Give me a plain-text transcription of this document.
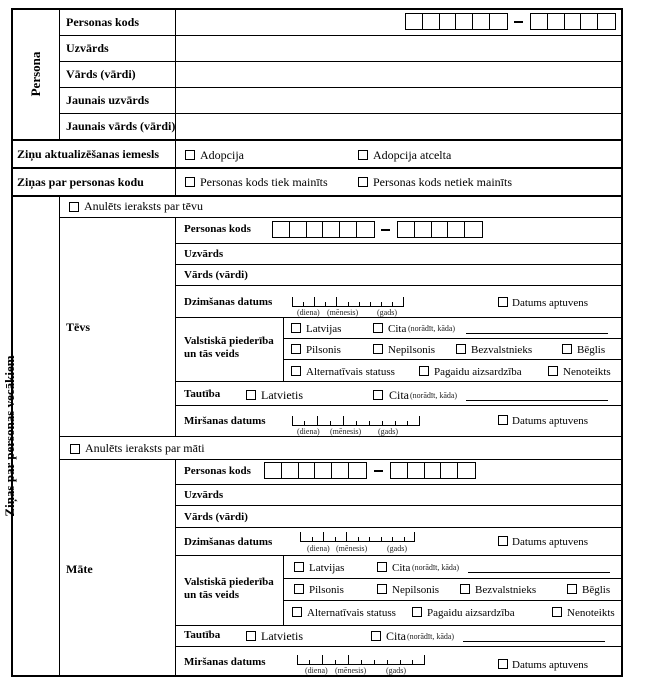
Persona
Personas kods
Uzvārds
Vārds (vārdi)
Jaunais uzvārds
Jaunais vārds (vārdi)
Ziņu aktualizēšanas iemesls	Adopcija	Adopcija atcelta
Ziņas par personas kodu	Personas kods tiek mainīts	Personas kods netiek mainīts
Ziņas par personas vecākiem
Anulēts ieraksts par tēvu
Tēvs
Personas kods
Uzvārds
Vārds (vārdi)
Dzimšanas datums
(diena) (mēnesis) (gads)
Datums aptuvens
Valstiskā piederība
un tās veids
Latvijas	Cita (norādīt, kāda)
Pilsonis	Nepilsonis	Bezvalstnieks	Bēglis
Alternatīvais statuss	Pagaidu aizsardzība	Nenoteikts
Tautība	Latvietis	Cita (norādīt, kāda)
Miršanas datums
(diena) (mēnesis) (gads)
Datums aptuvens
Anulēts ieraksts par māti
Māte
Personas kods
Uzvārds
Vārds (vārdi)
Dzimšanas datums
(diena) (mēnesis) (gads)
Datums aptuvens
Valstiskā piederība
un tās veids
Latvijas	Cita (norādīt, kāda)
Pilsonis	Nepilsonis	Bezvalstnieks	Bēglis
Alternatīvais statuss	Pagaidu aizsardzība	Nenoteikts
Tautība	Latvietis	Cita (norādīt, kāda)
Miršanas datums
(diena) (mēnesis) (gads)	Datums aptuvens
